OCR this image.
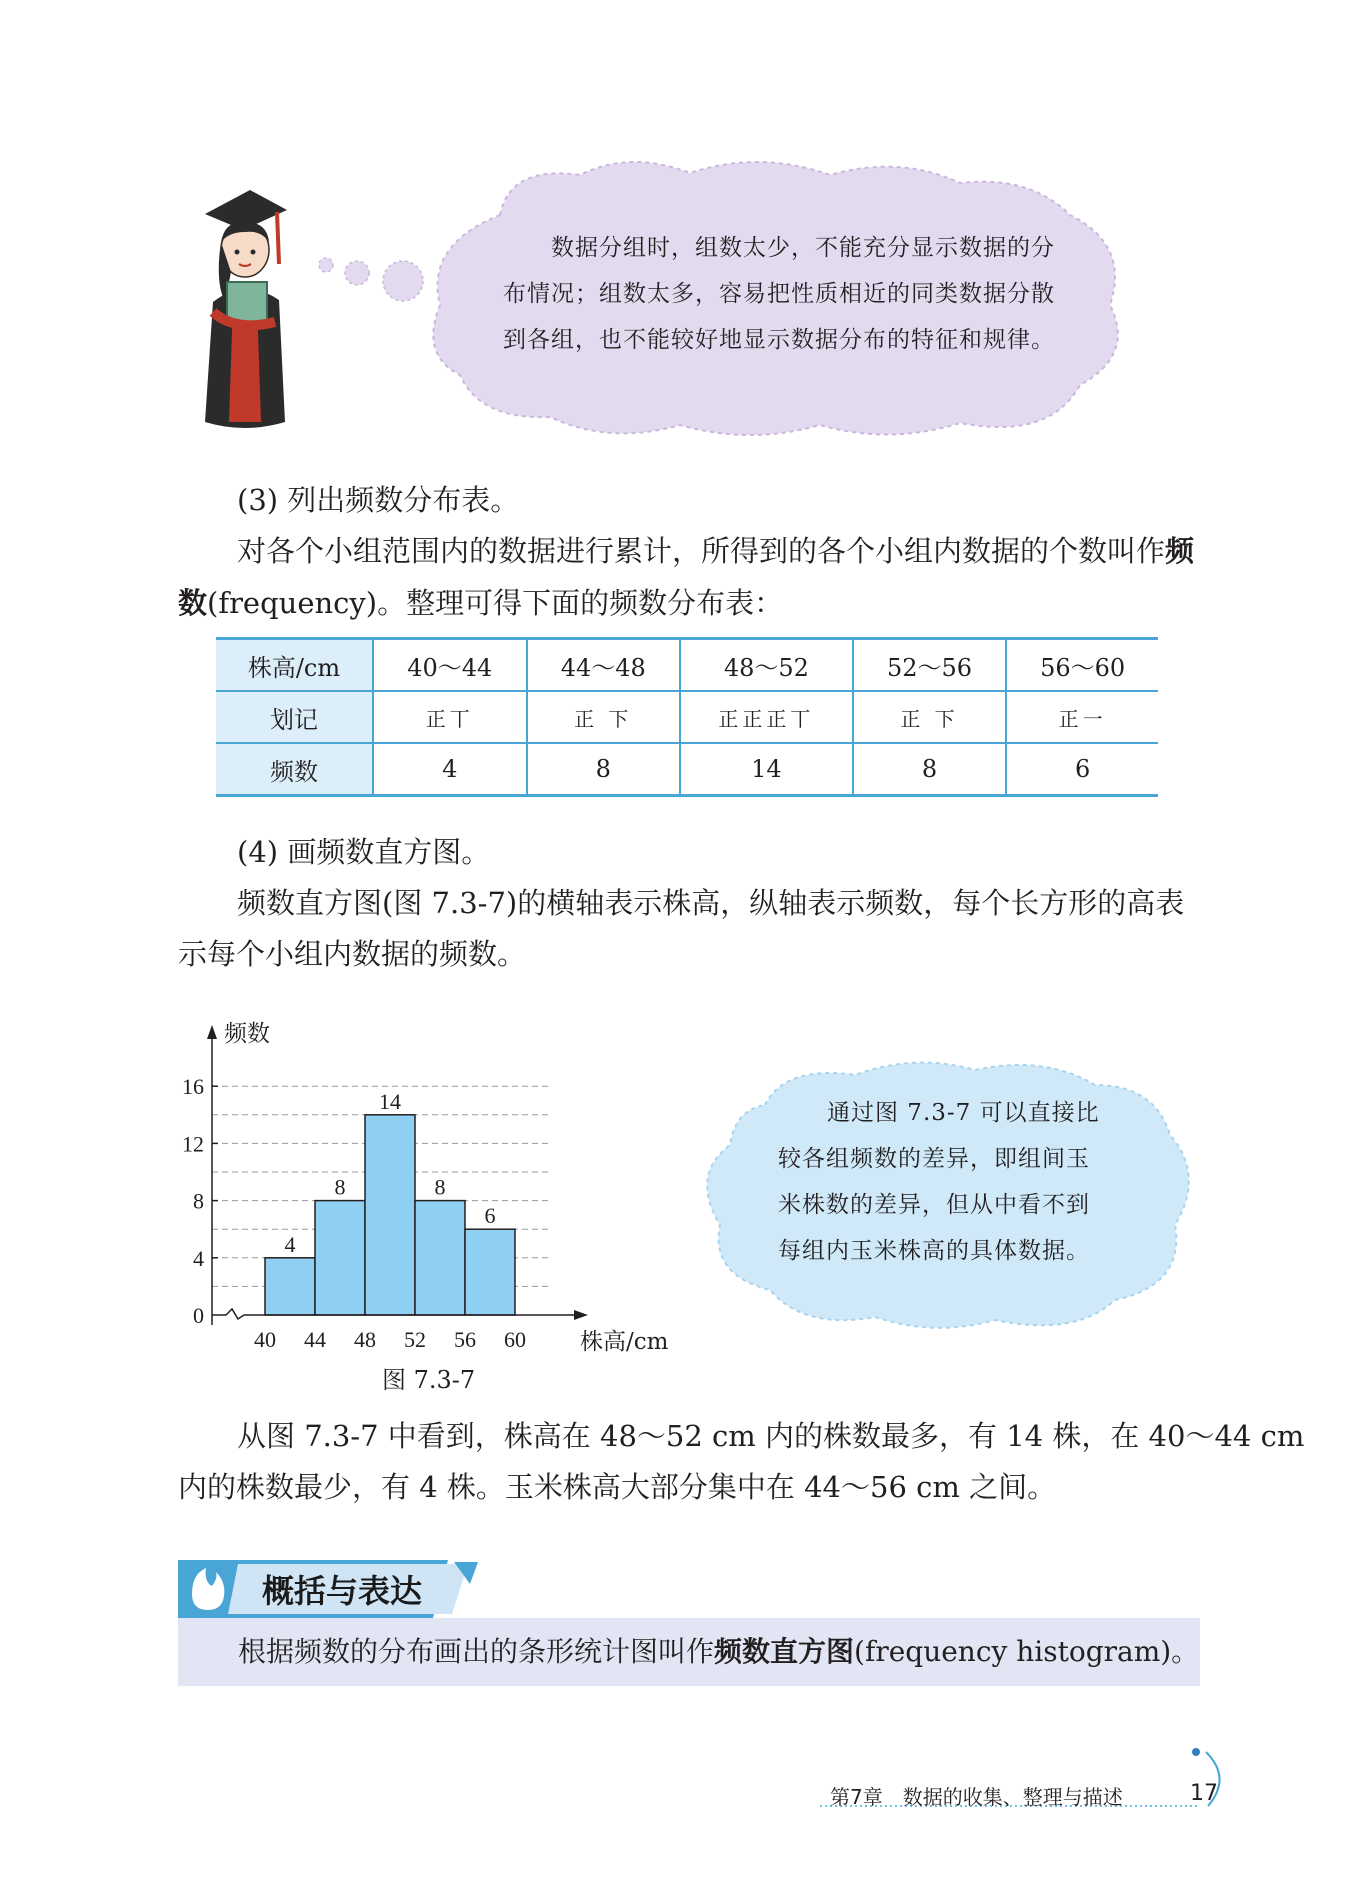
数据分组时，组数太少，不能充分显示数据的分
布情况；组数太多，容易把性质相近的同类数据分散
到各组，也不能较好地显示数据分布的特征和规律。
(3) 列出频数分布表。
对各个小组范围内的数据进行累计，所得到的各个小组内数据的个数叫作频数(frequency)。整理可得下面的频数分布表：
株高/cm	40～44	44～48	48～52	52～56	56～60
划记	正丅	正 下	正正正丅	正 下	正一
频数	4	8	14	8	6
(4) 画频数直方图。
频数直方图(图 7.3-7)的横轴表示株高，纵轴表示频数，每个长方形的高表
示每个小组内数据的频数。
4
8
14
8
6
0
4
8
12
16
40 44 48 52 56 60
频数
株高/cm
图 7.3-7
通过图 7.3-7 可以直接比
较各组频数的差异，即组间玉
米株数的差异，但从中看不到
每组内玉米株高的具体数据。
从图 7.3-7 中看到，株高在 48～52 cm 内的株数最多，有 14 株，在 40～44 cm
内的株数最少，有 4 株。玉米株高大部分集中在 44～56 cm 之间。
概括与表达
根据频数的分布画出的条形统计图叫作频数直方图(frequency histogram)。
第7章　数据的收集、整理与描述	17
